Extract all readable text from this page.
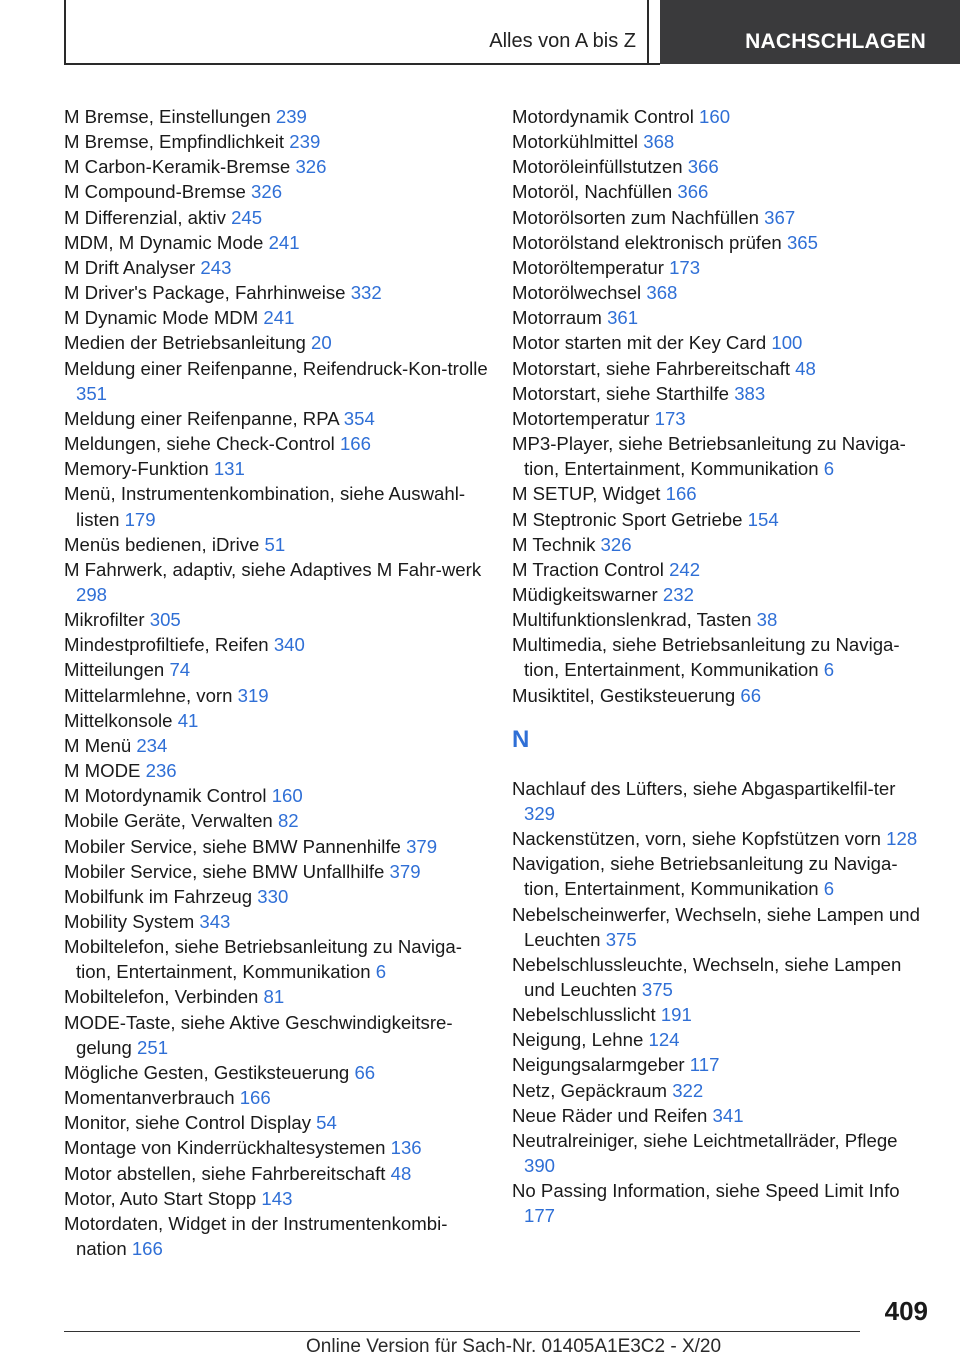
Alles von A bis Z	NACHSCHLAGEN

M Bremse, Einstellungen 239

M Bremse, Empfindlichkeit 239

M Carbon-Keramik-Bremse 326

M Compound-Bremse 326

M Differenzial, aktiv 245

MDM, M Dynamic Mode 241

M Drift Analyser 243

M Driver's Package, Fahrhinweise 332

M Dynamic Mode MDM 241

Medien der Betriebsanleitung 20

Meldung einer Reifenpanne, Reifendruck-Kon-trolle 351

Meldung einer Reifenpanne, RPA 354

Meldungen, siehe Check-Control 166

Memory-Funktion 131

Menü, Instrumentenkombination, siehe Auswahl-listen 179

Menüs bedienen, iDrive 51

M Fahrwerk, adaptiv, siehe Adaptives M Fahr-werk 298

Mikrofilter 305

Mindestprofiltiefe, Reifen 340

Mitteilungen 74

Mittelarmlehne, vorn 319

Mittelkonsole 41

M Menü 234

M MODE 236

M Motordynamik Control 160

Mobile Geräte, Verwalten 82

Mobiler Service, siehe BMW Pannenhilfe 379

Mobiler Service, siehe BMW Unfallhilfe 379

Mobilfunk im Fahrzeug 330

Mobility System 343

Mobiltelefon, siehe Betriebsanleitung zu Naviga-tion, Entertainment, Kommunikation 6

Mobiltelefon, Verbinden 81

MODE-Taste, siehe Aktive Geschwindigkeitsre-gelung 251

Mögliche Gesten, Gestiksteuerung 66

Momentanverbrauch 166

Monitor, siehe Control Display 54

Montage von Kinderrückhaltesystemen 136

Motor abstellen, siehe Fahrbereitschaft 48

Motor, Auto Start Stopp 143

Motordaten, Widget in der Instrumentenkombi-nation 166

Motordynamik Control 160

Motorkühlmittel 368

Motoröleinfüllstutzen 366

Motoröl, Nachfüllen 366

Motorölsorten zum Nachfüllen 367

Motorölstand elektronisch prüfen 365

Motoröltemperatur 173

Motorölwechsel 368

Motorraum 361

Motor starten mit der Key Card 100

Motorstart, siehe Fahrbereitschaft 48

Motorstart, siehe Starthilfe 383

Motortemperatur 173

MP3-Player, siehe Betriebsanleitung zu Naviga-tion, Entertainment, Kommunikation 6

M SETUP, Widget 166

M Steptronic Sport Getriebe 154

M Technik 326

M Traction Control 242

Müdigkeitswarner 232

Multifunktionslenkrad, Tasten 38

Multimedia, siehe Betriebsanleitung zu Naviga-tion, Entertainment, Kommunikation 6

Musiktitel, Gestiksteuerung 66

N

Nachlauf des Lüfters, siehe Abgaspartikelfil-ter 329

Nackenstützen, vorn, siehe Kopfstützen vorn 128

Navigation, siehe Betriebsanleitung zu Naviga-tion, Entertainment, Kommunikation 6

Nebelscheinwerfer, Wechseln, siehe Lampen und Leuchten 375

Nebelschlussleuchte, Wechseln, siehe Lampen und Leuchten 375

Nebelschlusslicht 191

Neigung, Lehne 124

Neigungsalarmgeber 117

Netz, Gepäckraum 322

Neue Räder und Reifen 341

Neutralreiniger, siehe Leichtmetallräder, Pflege 390

No Passing Information, siehe Speed Limit Info 177

409
Online Version für Sach-Nr. 01405A1E3C2 - X/20
